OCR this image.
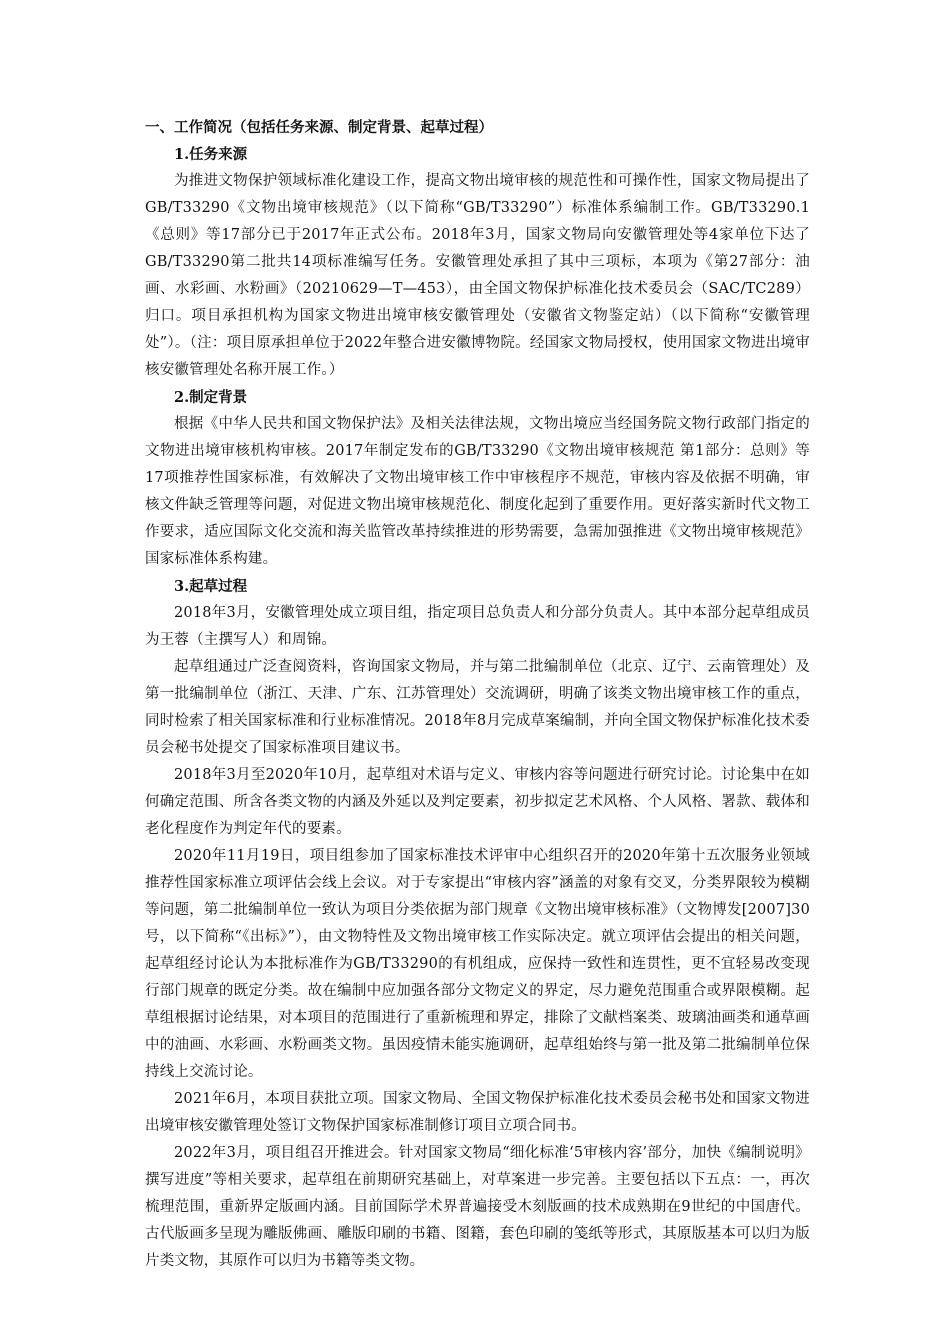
一、工作简况（包括任务来源、制定背景、起草过程）

1.任务来源

为推进文物保护领域标准化建设工作，提高文物出境审核的规范性和可操作性，国家文物局提出了GB/T33290《文物出境审核规范》（以下简称“GB/T33290”）标准体系编制工作。GB/T33290.1《总则》等17部分已于2017年正式公布。2018年3月，国家文物局向安徽管理处等4家单位下达了GB/T33290第二批共14项标准编写任务。安徽管理处承担了其中三项标，本项为《第27部分：油画、水彩画、水粉画》（20210629—T—453），由全国文物保护标准化技术委员会（SAC/TC289）归口。项目承担机构为国家文物进出境审核安徽管理处（安徽省文物鉴定站）（以下简称“安徽管理处”）。（注：项目原承担单位于2022年整合进安徽博物院。经国家文物局授权，使用国家文物进出境审核安徽管理处名称开展工作。）

2.制定背景

根据《中华人民共和国文物保护法》及相关法律法规，文物出境应当经国务院文物行政部门指定的文物进出境审核机构审核。2017年制定发布的GB/T33290《文物出境审核规范 第1部分：总则》等17项推荐性国家标准，有效解决了文物出境审核工作中审核程序不规范，审核内容及依据不明确，审核文件缺乏管理等问题，对促进文物出境审核规范化、制度化起到了重要作用。更好落实新时代文物工作要求，适应国际文化交流和海关监管改革持续推进的形势需要，急需加强推进《文物出境审核规范》国家标准体系构建。

3.起草过程

2018年3月，安徽管理处成立项目组，指定项目总负责人和分部分负责人。其中本部分起草组成员为王蓉（主撰写人）和周锦。

起草组通过广泛查阅资料，咨询国家文物局，并与第二批编制单位（北京、辽宁、云南管理处）及第一批编制单位（浙江、天津、广东、江苏管理处）交流调研，明确了该类文物出境审核工作的重点，同时检索了相关国家标准和行业标准情况。2018年8月完成草案编制，并向全国文物保护标准化技术委员会秘书处提交了国家标准项目建议书。

2018年3月至2020年10月，起草组对术语与定义、审核内容等问题进行研究讨论。讨论集中在如何确定范围、所含各类文物的内涵及外延以及判定要素，初步拟定艺术风格、个人风格、署款、载体和老化程度作为判定年代的要素。

2020年11月19日，项目组参加了国家标准技术评审中心组织召开的2020年第十五次服务业领域推荐性国家标准立项评估会线上会议。对于专家提出“审核内容”涵盖的对象有交叉，分类界限较为模糊等问题，第二批编制单位一致认为项目分类依据为部门规章《文物出境审核标准》（文物博发[2007]30号，以下简称“《出标》”），由文物特性及文物出境审核工作实际决定。就立项评估会提出的相关问题，起草组经讨论认为本批标准作为GB/T33290的有机组成，应保持一致性和连贯性，更不宜轻易改变现行部门规章的既定分类。故在编制中应加强各部分文物定义的界定，尽力避免范围重合或界限模糊。起草组根据讨论结果，对本项目的范围进行了重新梳理和界定，排除了文献档案类、玻璃油画类和通草画中的油画、水彩画、水粉画类文物。虽因疫情未能实施调研，起草组始终与第一批及第二批编制单位保持线上交流讨论。

2021年6月，本项目获批立项。国家文物局、全国文物保护标准化技术委员会秘书处和国家文物进出境审核安徽管理处签订文物保护国家标准制修订项目立项合同书。

2022年3月，项目组召开推进会。针对国家文物局“细化标准‘5审核内容’部分，加快《编制说明》撰写进度”等相关要求，起草组在前期研究基础上，对草案进一步完善。主要包括以下五点：一，再次梳理范围，重新界定版画内涵。目前国际学术界普遍接受木刻版画的技术成熟期在9世纪的中国唐代。古代版画多呈现为雕版佛画、雕版印刷的书籍、图籍，套色印刷的笺纸等形式，其原版基本可以归为版片类文物，其原作可以归为书籍等类文物。
